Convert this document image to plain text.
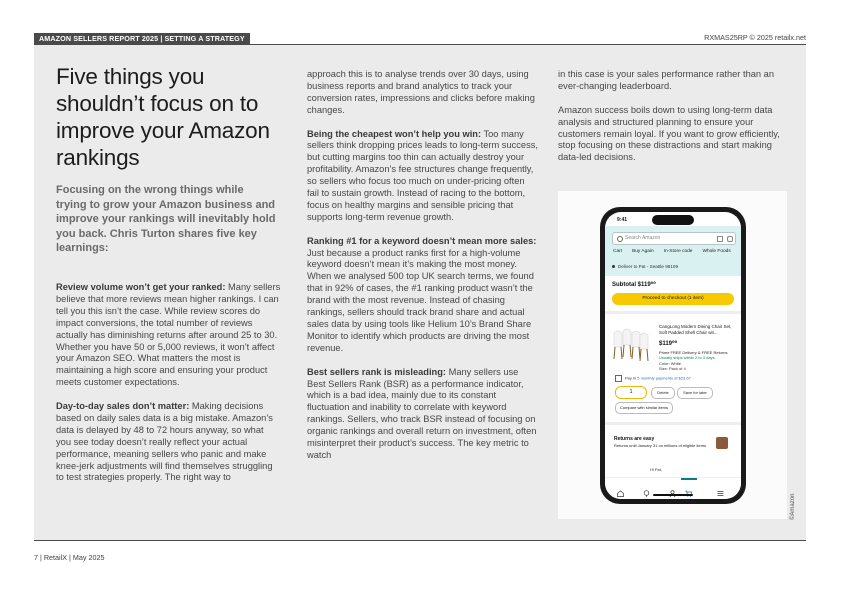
AMAZON SELLERS REPORT 2025 | SETTING A STRATEGY	RXMAS25RP © 2025 retailx.net
Five things you shouldn’t focus on to improve your Amazon rankings

Focusing on the wrong things while trying to grow your Amazon business and improve your rankings will inevitably hold you back. Chris Turton shares five key learnings:

Review volume won’t get your ranked: Many sellers believe that more reviews mean higher rankings. I can tell you this isn’t the case. While review scores do impact conversions, the total number of reviews actually has diminishing returns after around 25 to 30. Whether you have 50 or 5,000 reviews, it won’t affect your Amazon SEO. What matters the most is maintaining a high score and ensuring your product meets customer expectations.

Day-to-day sales don’t matter: Making decisions based on daily sales data is a big mistake. Amazon’s data is delayed by 48 to 72 hours anyway, so what you see today doesn’t really reflect your actual performance, meaning sellers who panic and make knee-jerk adjustments will find themselves struggling to test strategies properly. The right way to

approach this is to analyse trends over 30 days, using business reports and brand analytics to track your conversion rates, impressions and clicks before making changes.

Being the cheapest won’t help you win: Too many sellers think dropping prices leads to long-term success, but cutting margins too thin can actually destroy your profitability. Amazon’s fee structures change frequently, so sellers who focus too much on under-pricing often fail to sustain growth. Instead of racing to the bottom, focus on healthy margins and sensible pricing that supports long-term revenue growth.

Ranking #1 for a keyword doesn’t mean more sales: Just because a product ranks first for a high-volume keyword doesn’t mean it’s making the most money. When we analysed 500 top UK search terms, we found that in 92% of cases, the #1 ranking product wasn’t the brand with the most revenue. Instead of chasing rankings, sellers should track brand share and actual sales data by using tools like Helium 10’s Brand Share Monitor to identify which products are driving the most revenue.

Best sellers rank is misleading: Many sellers use Best Sellers Rank (BSR) as a performance indicator, which is a bad idea, mainly due to its constant fluctuation and inability to correlate with keyword rankings. Sellers, who track BSR instead of focusing on organic rankings and overall return on investment, often misinterpret their product’s success. The key metric to watch

in this case is your sales performance rather than an ever-changing leaderboard.

Amazon success boils down to using long-term data analysis and structured planning to ensure your customers remain loyal. If you want to grow efficiently, stop focusing on these distractions and start making data-led decisions.

9:41
Search Amazon
Cart Buy Again In-Store code Whole Foods
Deliver to Pat - Seattle 98109
Subtotal $119⁰⁰
Proceed to checkout (1 item)
CangLong Modern Dining Chair Set, Soft Padded Shell Chair wit...
$119⁰⁰
Prime FREE Delivery & FREE Returns
Usually ships within 2 to 3 days.
Color: White
Size: Pack of 4
Pay in 5 monthly payments of $23.67
1	Delete	Save for later
Compare with similar items
Returns are easy
Returns until January 31 on millions of eligible items
Hi Pat,
©Amazon
7 | RetailX | May 2025
